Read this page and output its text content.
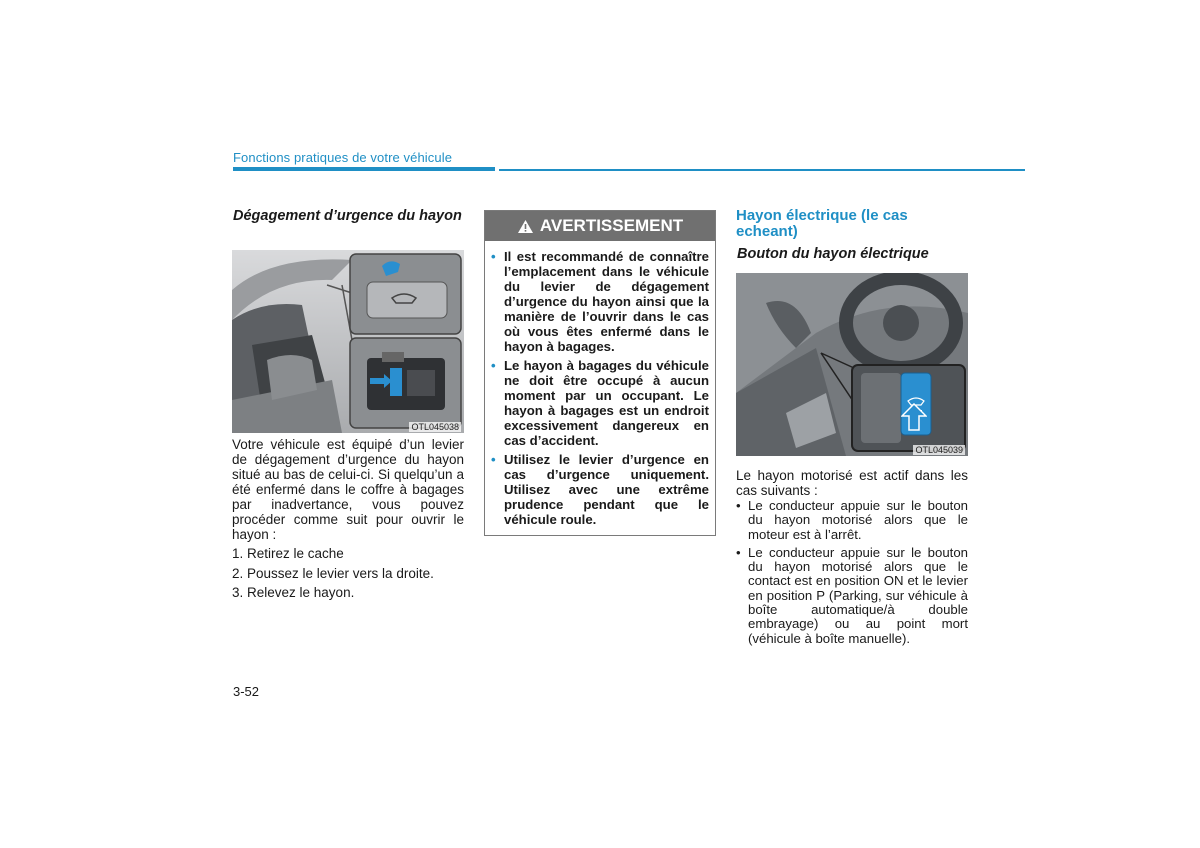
Fonctions pratiques de votre véhicule
Dégagement d’urgence du hayon
OTL045038
Votre véhicule est équipé d’un levier de dégagement d’urgence du hayon situé au bas de celui-ci. Si quelqu’un a été enfermé dans le coffre à bagages par inadvertance, vous pouvez procéder comme suit pour ouvrir le hayon :
1. Retirez le cache
2. Poussez le levier vers la droite.
3. Relevez le hayon.
AVERTISSEMENT
• Il est recommandé de connaître l’emplacement dans le véhicule du levier de dégagement d’urgence du hayon ainsi que la manière de l’ouvrir dans le cas où vous êtes enfermé dans le hayon à bagages.
• Le hayon à bagages du véhicule ne doit être occupé à aucun moment par un occupant. Le hayon à bagages est un endroit excessivement dangereux en cas d’accident.
• Utilisez le levier d’urgence en cas d’urgence uniquement. Utilisez avec une extrême prudence pendant que le véhicule roule.
Hayon électrique (le cas echeant)
Bouton du hayon électrique
OTL045039
Le hayon motorisé est actif dans les cas suivants :
• Le conducteur appuie sur le bouton du hayon motorisé alors que le moteur est à l’arrêt.
• Le conducteur appuie sur le bouton du hayon motorisé alors que le contact est en position ON et le levier en position P (Parking, sur véhicule à boîte automatique/à double embrayage) ou au point mort (véhicule à boîte manuelle).
3-52
